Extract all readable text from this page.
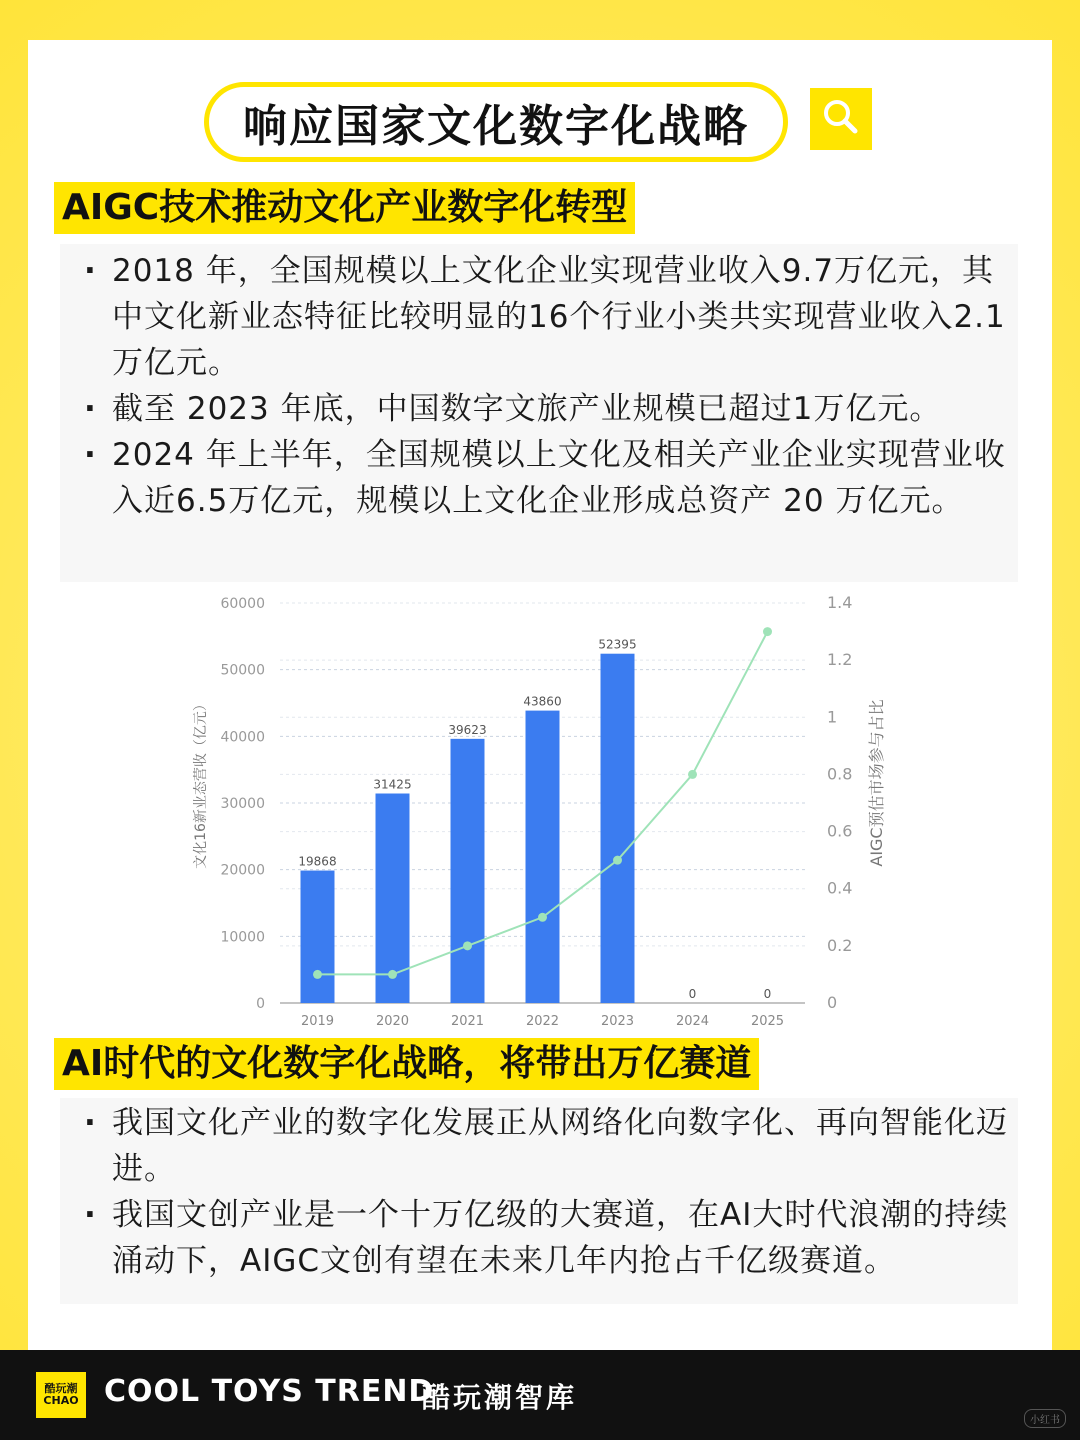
响应国家文化数字化战略
AIGC技术推动文化产业数字化转型
· 2018 年，全国规模以上文化企业实现营业收入9.7万亿元，其中文化新业态特征比较明显的16个行业小类共实现营业收入2.1万亿元。
· 截至 2023 年底，中国数字文旅产业规模已超过1万亿元。
· 2024 年上半年，全国规模以上文化及相关产业企业实现营业收入近6.5万亿元，规模以上文化企业形成总资产 20 万亿元。
0
10000
20000
30000
40000
50000
60000
0
0.2
0.4
0.6
0.8
1
1.2
1.4
19868
2019
31425
2020
39623
2021
43860
2022
52395
2023
0
2024
0
2025
文化16新业态营收（亿元）	AIGC预估市场参与占比
AI时代的文化数字化战略，将带出万亿赛道
· 我国文化产业的数字化发展正从网络化向数字化、再向智能化迈进。
· 我国文创产业是一个十万亿级的大赛道，在AI大时代浪潮的持续涌动下，AIGC文创有望在未来几年内抢占千亿级赛道。
酷玩潮
CHAO COOL TOYS TREND
酷玩潮智库
小红书
